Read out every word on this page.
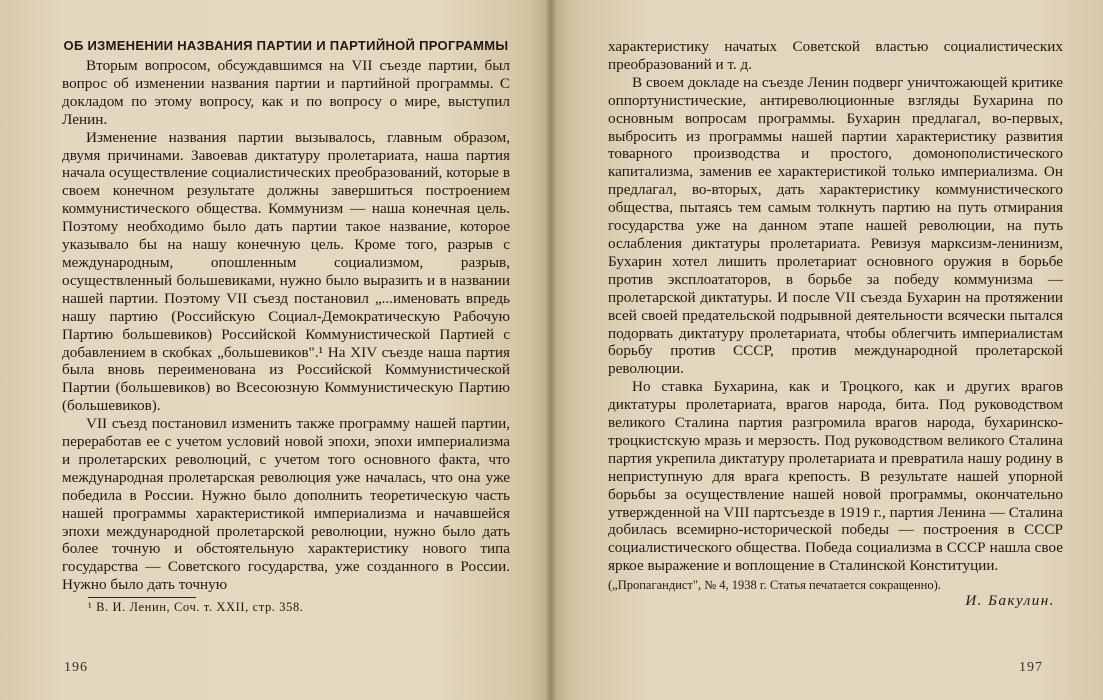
ОБ ИЗМЕНЕНИИ НАЗВАНИЯ ПАРТИИ И ПАРТИЙНОЙ ПРОГРАММЫ

Вторым вопросом, обсуждавшимся на VII съезде партии, был вопрос об изменении названия партии и партийной программы. С докладом по этому вопросу, как и по вопросу о мире, выступил Ленин.

Изменение названия партии вызывалось, главным образом, двумя причинами. Завоевав диктатуру пролетариата, наша партия начала осуществление социалистических преобразований, которые в своем конечном результате должны завершиться построением коммунистического общества. Коммунизм — наша конечная цель. Поэтому необходимо было дать партии такое название, которое указывало бы на нашу конечную цель. Кроме того, разрыв с международным, опошленным социализмом, разрыв, осуществленный большевиками, нужно было выразить и в названии нашей партии. Поэтому VII съезд постановил „...именовать впредь нашу партию (Российскую Социал-Демократическую Рабочую Партию большевиков) Российской Коммунистической Партией с добавлением в скобках „большевиков".¹ На XIV съезде наша партия была вновь переименована из Российской Коммунистической Партии (большевиков) во Всесоюзную Коммунистическую Партию (большевиков).

VII съезд постановил изменить также программу нашей партии, переработав ее с учетом условий новой эпохи, эпохи империализма и пролетарских революций, с учетом того основного факта, что международная пролетарская революция уже началась, что она уже победила в России. Нужно было дополнить теоретическую часть нашей программы характеристикой империализма и начавшейся эпохи международной пролетарской революции, нужно было дать более точную и обстоятельную характеристику нового типа государства — Советского государства, уже созданного в России. Нужно было дать точную

¹ В. И. Ленин, Соч. т. XXII, стр. 358.

196

характеристику начатых Советской властью социалистических преобразований и т. д.

В своем докладе на съезде Ленин подверг уничтожающей критике оппортунистические, антиреволюционные взгляды Бухарина по основным вопросам программы. Бухарин предлагал, во-первых, выбросить из программы нашей партии характеристику развития товарного производства и простого, домонополистического капитализма, заменив ее характеристикой только империализма. Он предлагал, во-вторых, дать характеристику коммунистического общества, пытаясь тем самым толкнуть партию на путь отмирания государства уже на данном этапе нашей революции, на путь ослабления диктатуры пролетариата. Ревизуя марксизм-ленинизм, Бухарин хотел лишить пролетариат основного оружия в борьбе против эксплоататоров, в борьбе за победу коммунизма — пролетарской диктатуры. И после VII съезда Бухарин на протяжении всей своей предательской подрывной деятельности всячески пытался подорвать диктатуру пролетариата, чтобы облегчить империалистам борьбу против СССР, против международной пролетарской революции.

Но ставка Бухарина, как и Троцкого, как и других врагов диктатуры пролетариата, врагов народа, бита. Под руководством великого Сталина партия разгромила врагов народа, бухаринско-троцкистскую мразь и мерзость. Под руководством великого Сталина партия укрепила диктатуру пролетариата и превратила нашу родину в неприступную для врага крепость. В результате нашей упорной борьбы за осуществление нашей новой программы, окончательно утвержденной на VIII партсъезде в 1919 г., партия Ленина — Сталина добилась всемирно-исторической победы — построения в СССР социалистического общества. Победа социализма в СССР нашла свое яркое выражение и воплощение в Сталинской Конституции.

(„Пропагандист", № 4, 1938 г. Статья печатается сокращенно).

И. Бакулин.

197
